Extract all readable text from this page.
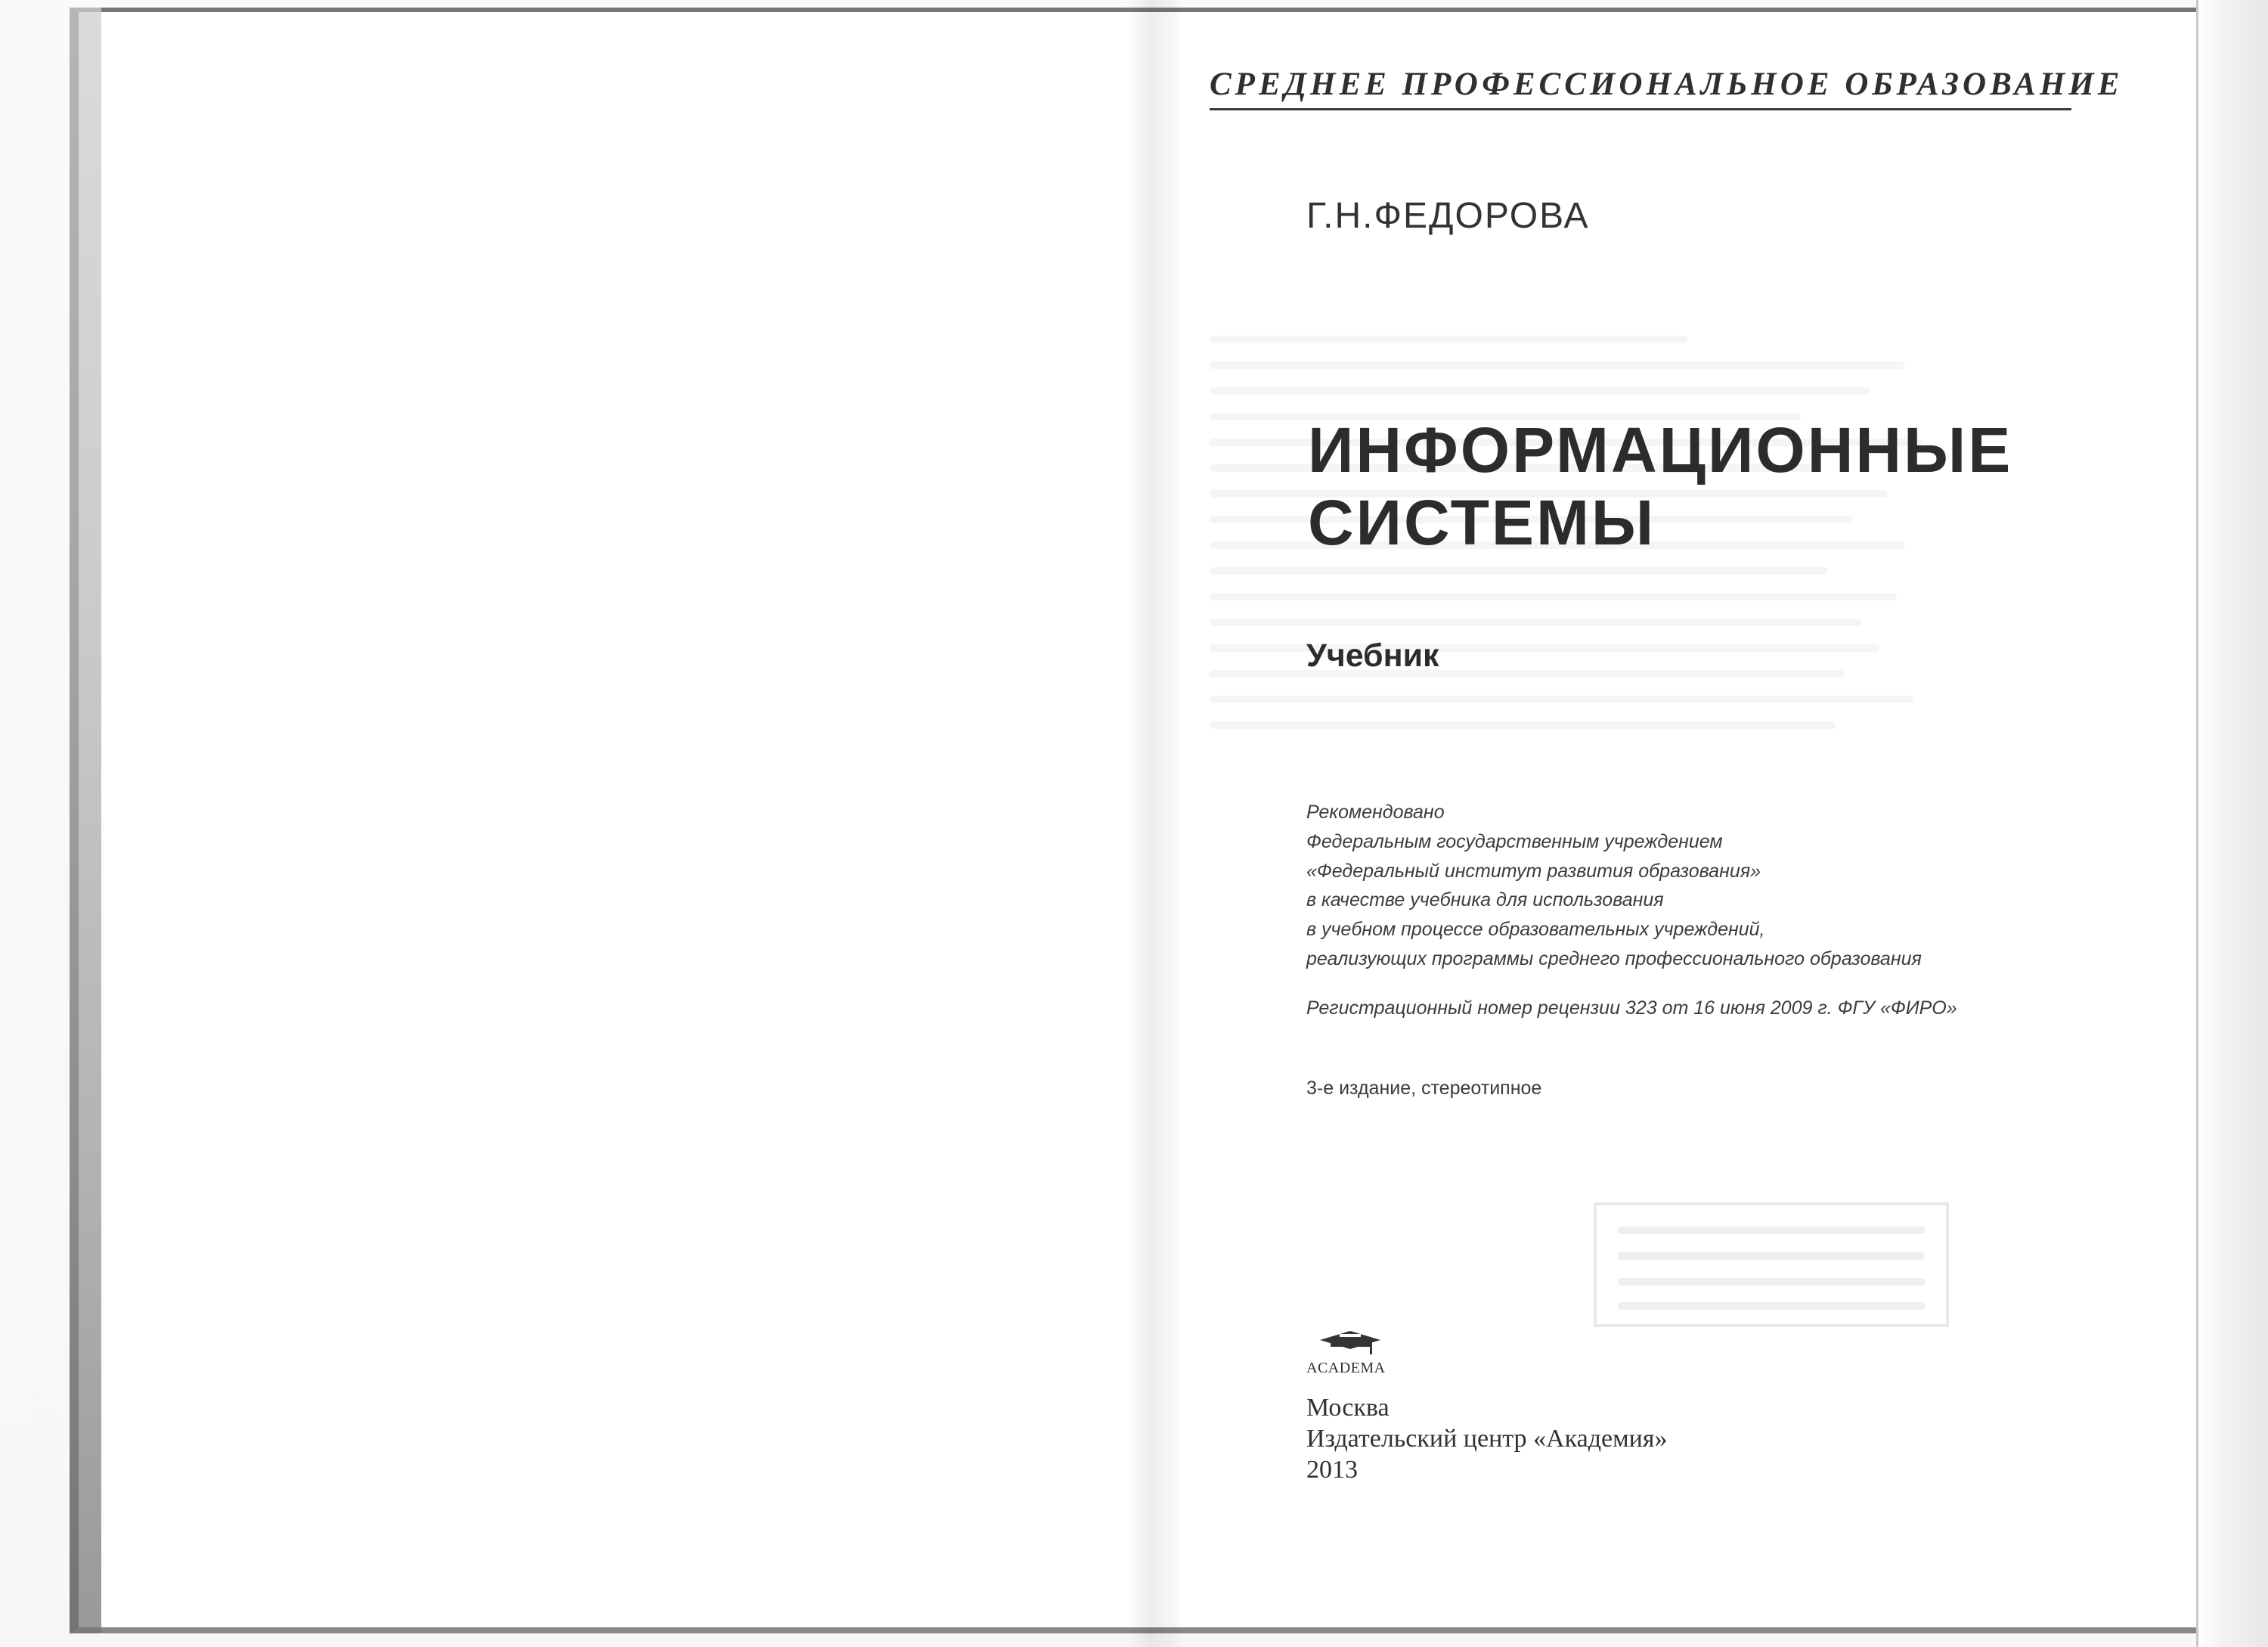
СРЕДНЕЕ ПРОФЕССИОНАЛЬНОЕ ОБРАЗОВАНИЕ
Г.Н.ФЕДОРОВА
ИНФОРМАЦИОННЫЕ
СИСТЕМЫ
Учебник
Рекомендовано
Федеральным государственным учреждением
«Федеральный институт развития образования»
в качестве учебника для использования
в учебном процессе образовательных учреждений,
реализующих программы среднего профессионального образования
Регистрационный номер рецензии 323 от 16 июня 2009 г. ФГУ «ФИРО»
3-е издание, стереотипное
ACADEMA
Москва
Издательский центр «Академия»
2013
